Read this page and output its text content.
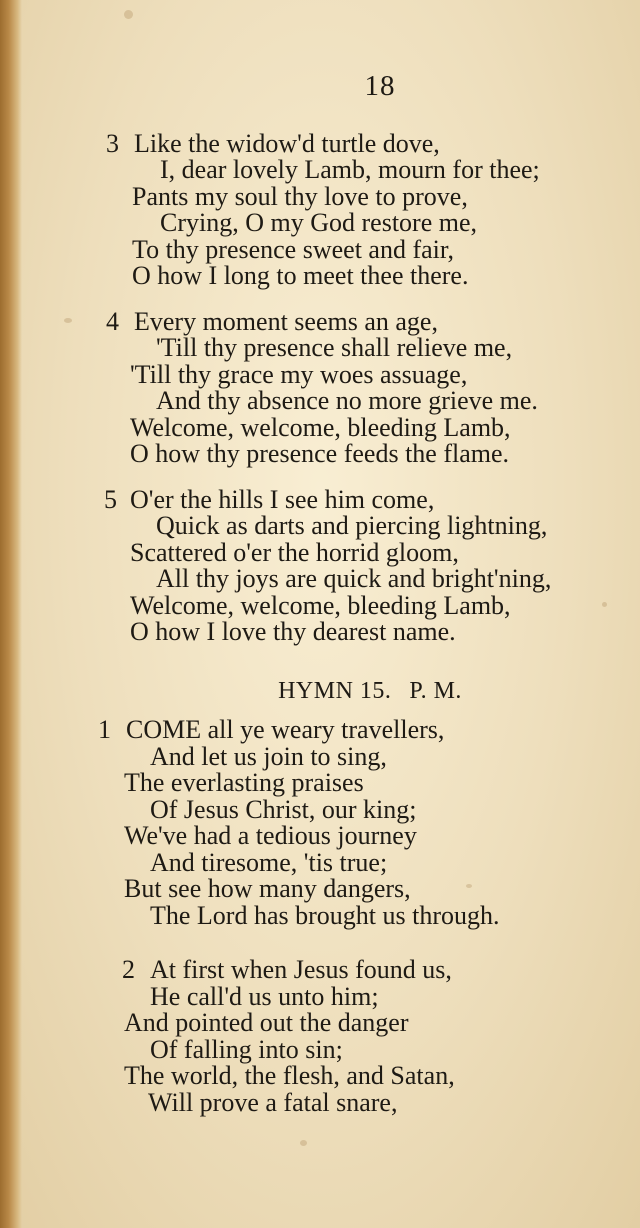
18
3 Like the widow'd turtle dove,
I, dear lovely Lamb, mourn for thee;
Pants my soul thy love to prove,
Crying, O my God restore me,
To thy presence sweet and fair,
O how I long to meet thee there.
4 Every moment seems an age,
'Till thy presence shall relieve me,
'Till thy grace my woes assuage,
And thy absence no more grieve me.
Welcome, welcome, bleeding Lamb,
O how thy presence feeds the flame.
5 O'er the hills I see him come,
Quick as darts and piercing lightning,
Scattered o'er the horrid gloom,
All thy joys are quick and bright'ning,
Welcome, welcome, bleeding Lamb,
O how I love thy dearest name.
HYMN 15. P. M.
1 COME all ye weary travellers,
And let us join to sing,
The everlasting praises
Of Jesus Christ, our king;
We've had a tedious journey
And tiresome, 'tis true;
But see how many dangers,
The Lord has brought us through.
2 At first when Jesus found us,
He call'd us unto him;
And pointed out the danger
Of falling into sin;
The world, the flesh, and Satan,
Will prove a fatal snare,
